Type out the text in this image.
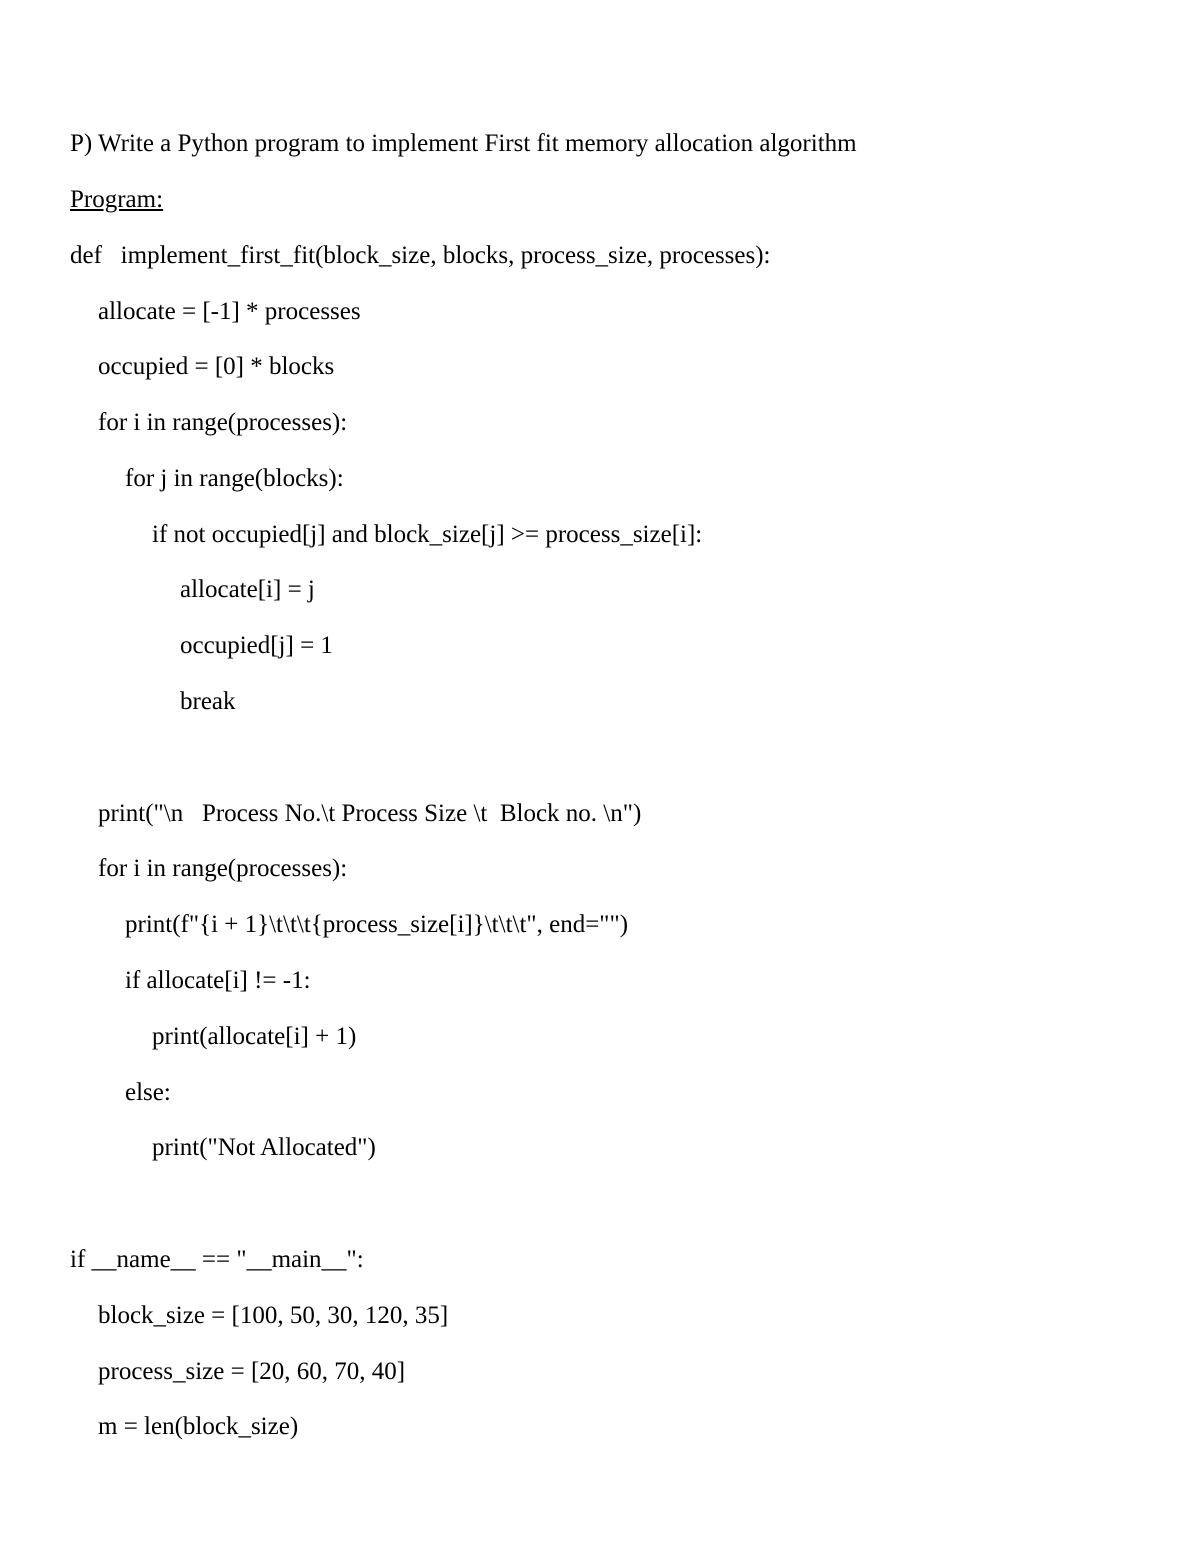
P) Write a Python program to implement First fit memory allocation algorithm
Program:
def   implement_first_fit(block_size, blocks, process_size, processes):
allocate = [-1] * processes
occupied = [0] * blocks
for i in range(processes):
for j in range(blocks):
if not occupied[j] and block_size[j] >= process_size[i]:
allocate[i] = j
occupied[j] = 1
break
print("\n   Process No.\t Process Size \t  Block no. \n")
for i in range(processes):
print(f"{i + 1}\t\t\t{process_size[i]}\t\t\t", end="")
if allocate[i] != -1:
print(allocate[i] + 1)
else:
print("Not Allocated")
if __name__ == "__main__":
block_size = [100, 50, 30, 120, 35]
process_size = [20, 60, 70, 40]
m = len(block_size)
